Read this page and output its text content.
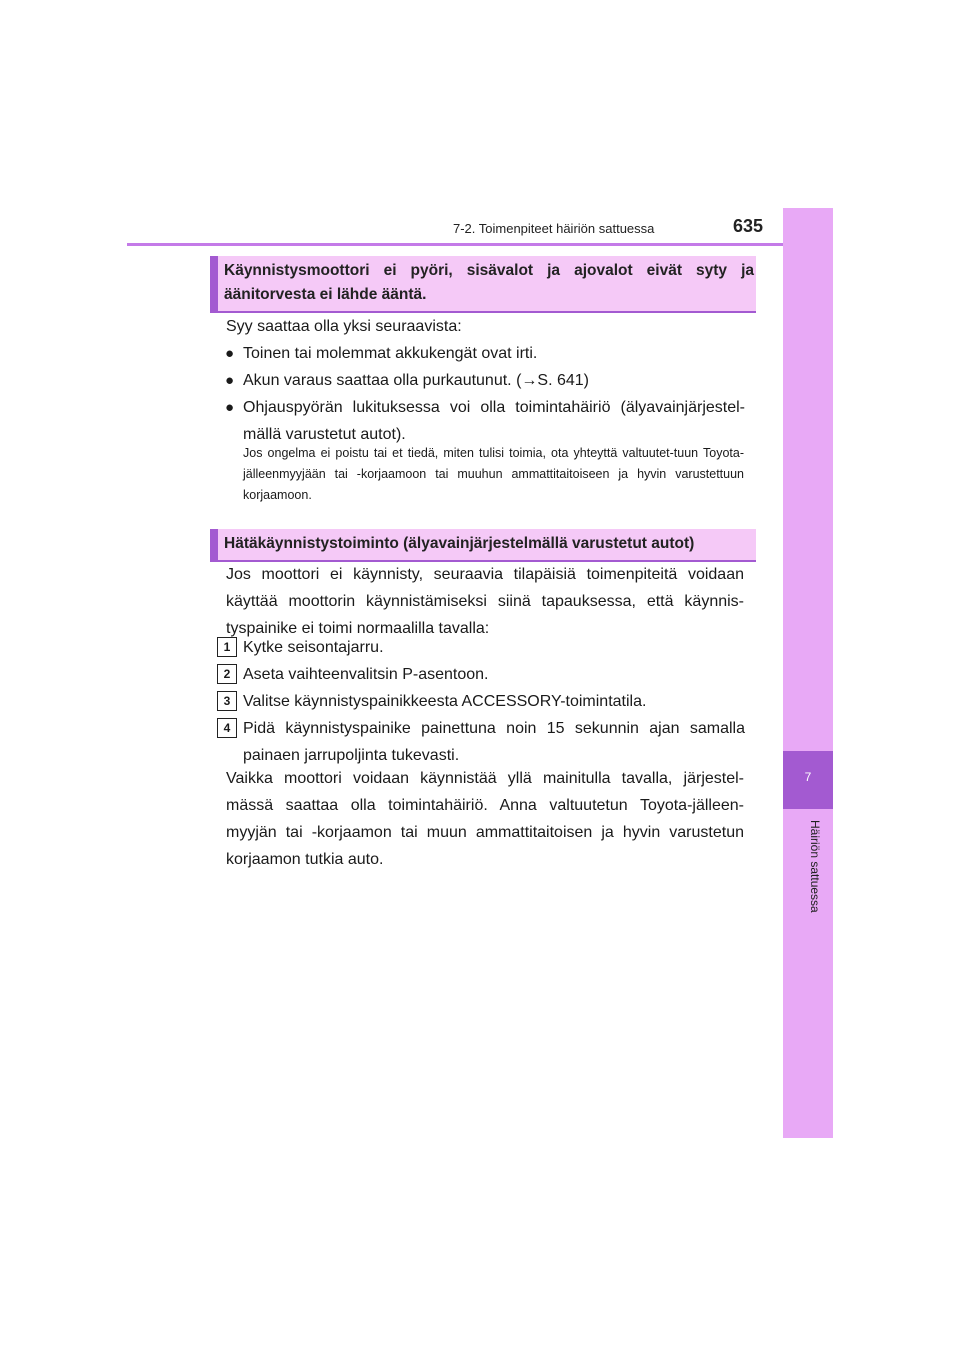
7-2. Toimenpiteet häiriön sattuessa	635
7
Häiriön sattuessa
Käynnistysmoottori ei pyöri, sisävalot ja ajovalot eivät syty ja äänitorvesta ei lähde ääntä.
Syy saattaa olla yksi seuraavista:
● Toinen tai molemmat akkukengät ovat irti.
● Akun varaus saattaa olla purkautunut. (→S. 641)
● Ohjauspyörän lukituksessa voi olla toimintahäiriö (älyavainjärjestel-mällä varustetut autot).
Jos ongelma ei poistu tai et tiedä, miten tulisi toimia, ota yhteyttä valtuutet-tuun Toyota-jälleenmyyjään tai -korjaamoon tai muuhun ammattitaitoiseen ja hyvin varustettuun korjaamoon.
Hätäkäynnistystoiminto (älyavainjärjestelmällä varustetut autot)
Jos moottori ei käynnisty, seuraavia tilapäisiä toimenpiteitä voidaan käyttää moottorin käynnistämiseksi siinä tapauksessa, että käynnis-tyspainike ei toimi normaalilla tavalla:
1 Kytke seisontajarru.
2 Aseta vaihteenvalitsin P-asentoon.
3 Valitse käynnistyspainikkeesta ACCESSORY-toimintatila.
4 Pidä käynnistyspainike painettuna noin 15 sekunnin ajan samalla painaen jarrupoljinta tukevasti.
Vaikka moottori voidaan käynnistää yllä mainitulla tavalla, järjestel-mässä saattaa olla toimintahäiriö. Anna valtuutetun Toyota-jälleen-myyjän tai -korjaamon tai muun ammattitaitoisen ja hyvin varustetun korjaamon tutkia auto.
